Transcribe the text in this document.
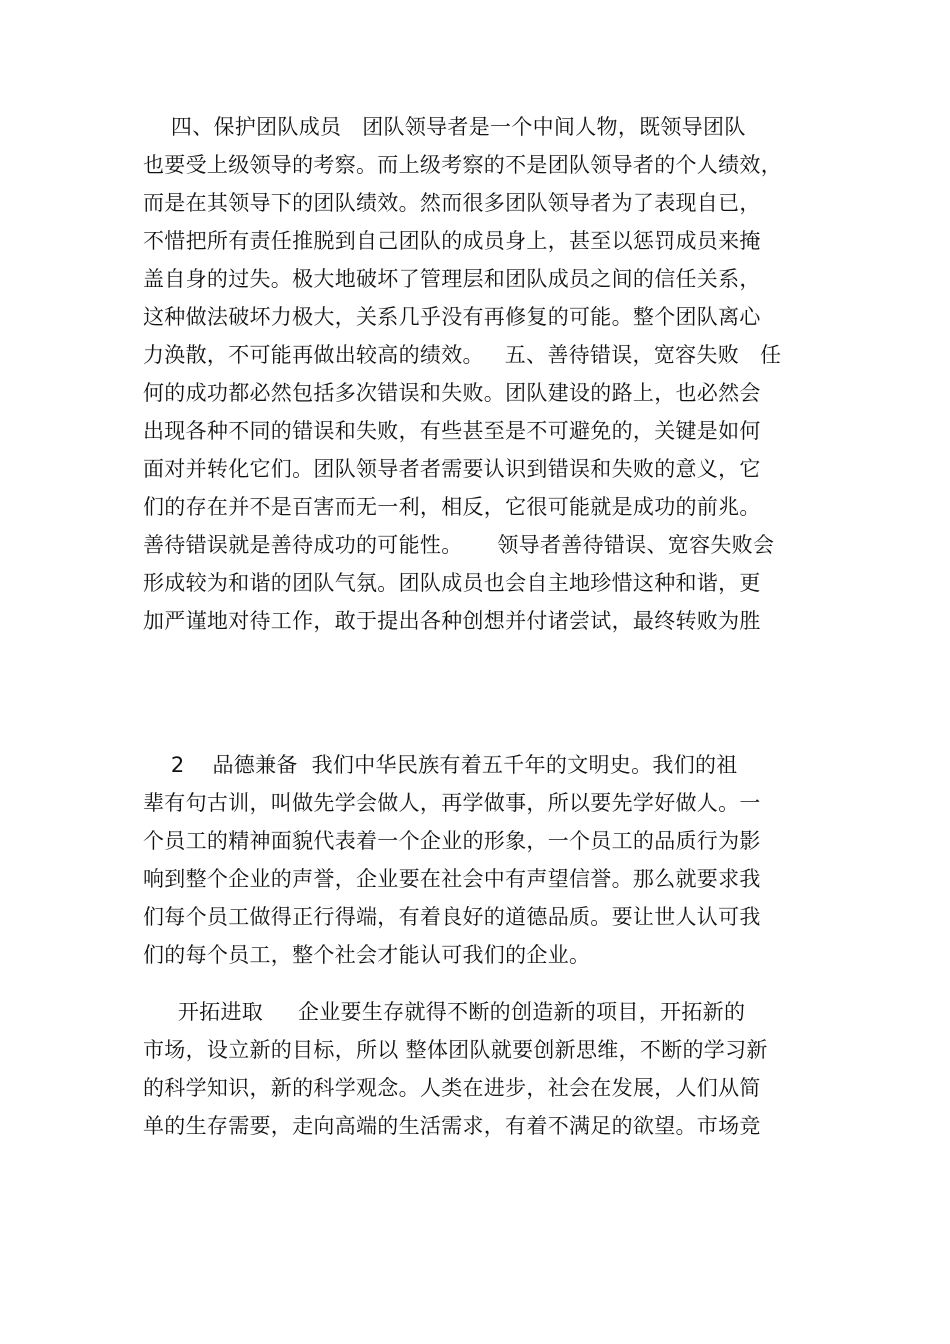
四、保护团队成员   团队领导者是一个中间人物，既领导团队
也要受上级领导的考察。而上级考察的不是团队领导者的个人绩效，
而是在其领导下的团队绩效。然而很多团队领导者为了表现自已，
不惜把所有责任推脱到自己团队的成员身上，甚至以惩罚成员来掩
盖自身的过失。极大地破坏了管理层和团队成员之间的信任关系，
这种做法破坏力极大，关系几乎没有再修复的可能。整个团队离心
力涣散，不可能再做出较高的绩效。   五、善待错误，宽容失败   任
何的成功都必然包括多次错误和失败。团队建设的路上，也必然会
出现各种不同的错误和失败，有些甚至是不可避免的，关键是如何
面对并转化它们。团队领导者者需要认识到错误和失败的意义，它
们的存在并不是百害而无一利，相反，它很可能就是成功的前兆。
善待错误就是善待成功的可能性。     领导者善待错误、宽容失败会
形成较为和谐的团队气氛。团队成员也会自主地珍惜这种和谐，更
加严谨地对待工作，敢于提出各种创想并付诸尝试，最终转败为胜
2    品德兼备  我们中华民族有着五千年的文明史。我们的祖
辈有句古训，叫做先学会做人，再学做事，所以要先学好做人。一
个员工的精神面貌代表着一个企业的形象，一个员工的品质行为影
响到整个企业的声誉，企业要在社会中有声望信誉。那么就要求我
们每个员工做得正行得端，有着良好的道德品质。要让世人认可我
们的每个员工，整个社会才能认可我们的企业。
开拓进取     企业要生存就得不断的创造新的项目，开拓新的
市场，设立新的目标，所以 整体团队就要创新思维，不断的学习新
的科学知识，新的科学观念。人类在进步，社会在发展，人们从简
单的生存需要，走向高端的生活需求，有着不满足的欲望。市场竞
